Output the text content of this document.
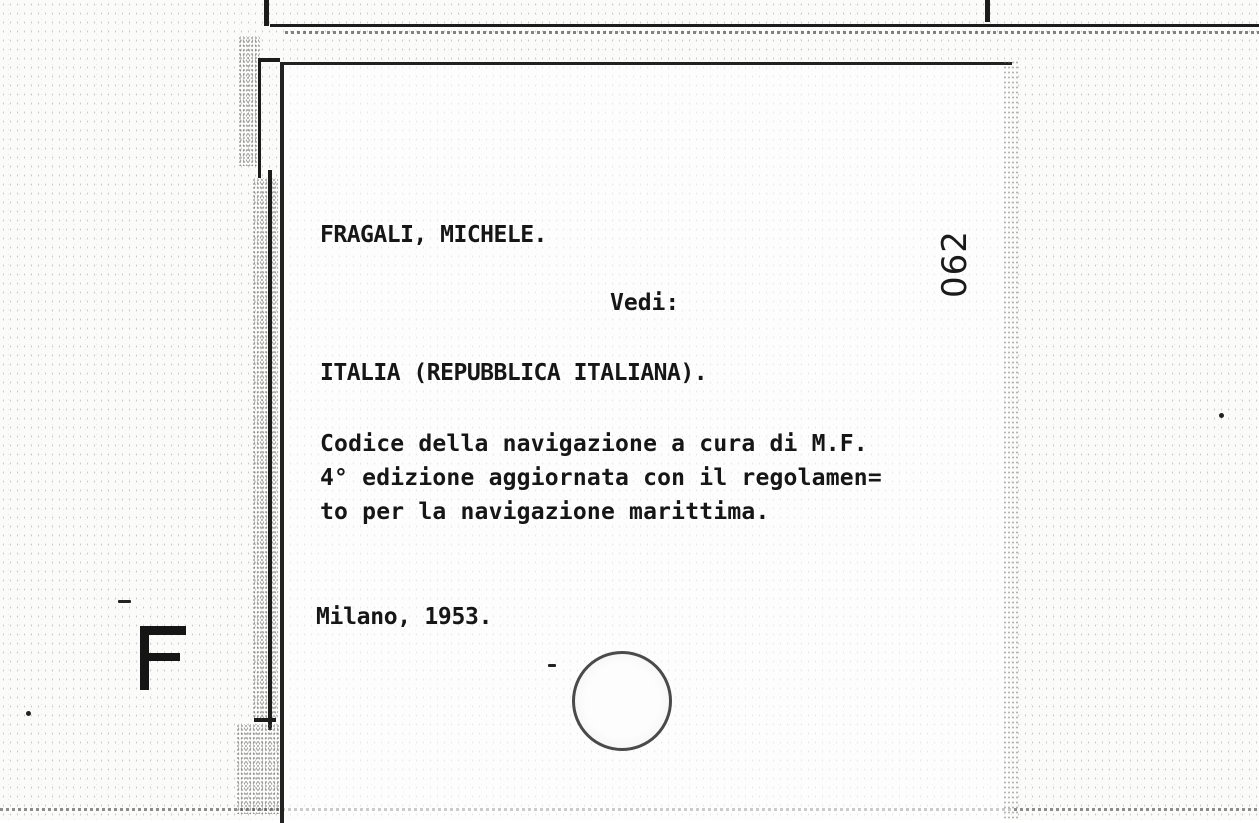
FRAGALI, MICHELE.

Vedi:

ITALIA (REPUBBLICA ITALIANA).

Codice della navigazione a cura di M.F.
4° edizione aggiornata con il regolamen=
to per la navigazione marittima.

Milano, 1953.

062
